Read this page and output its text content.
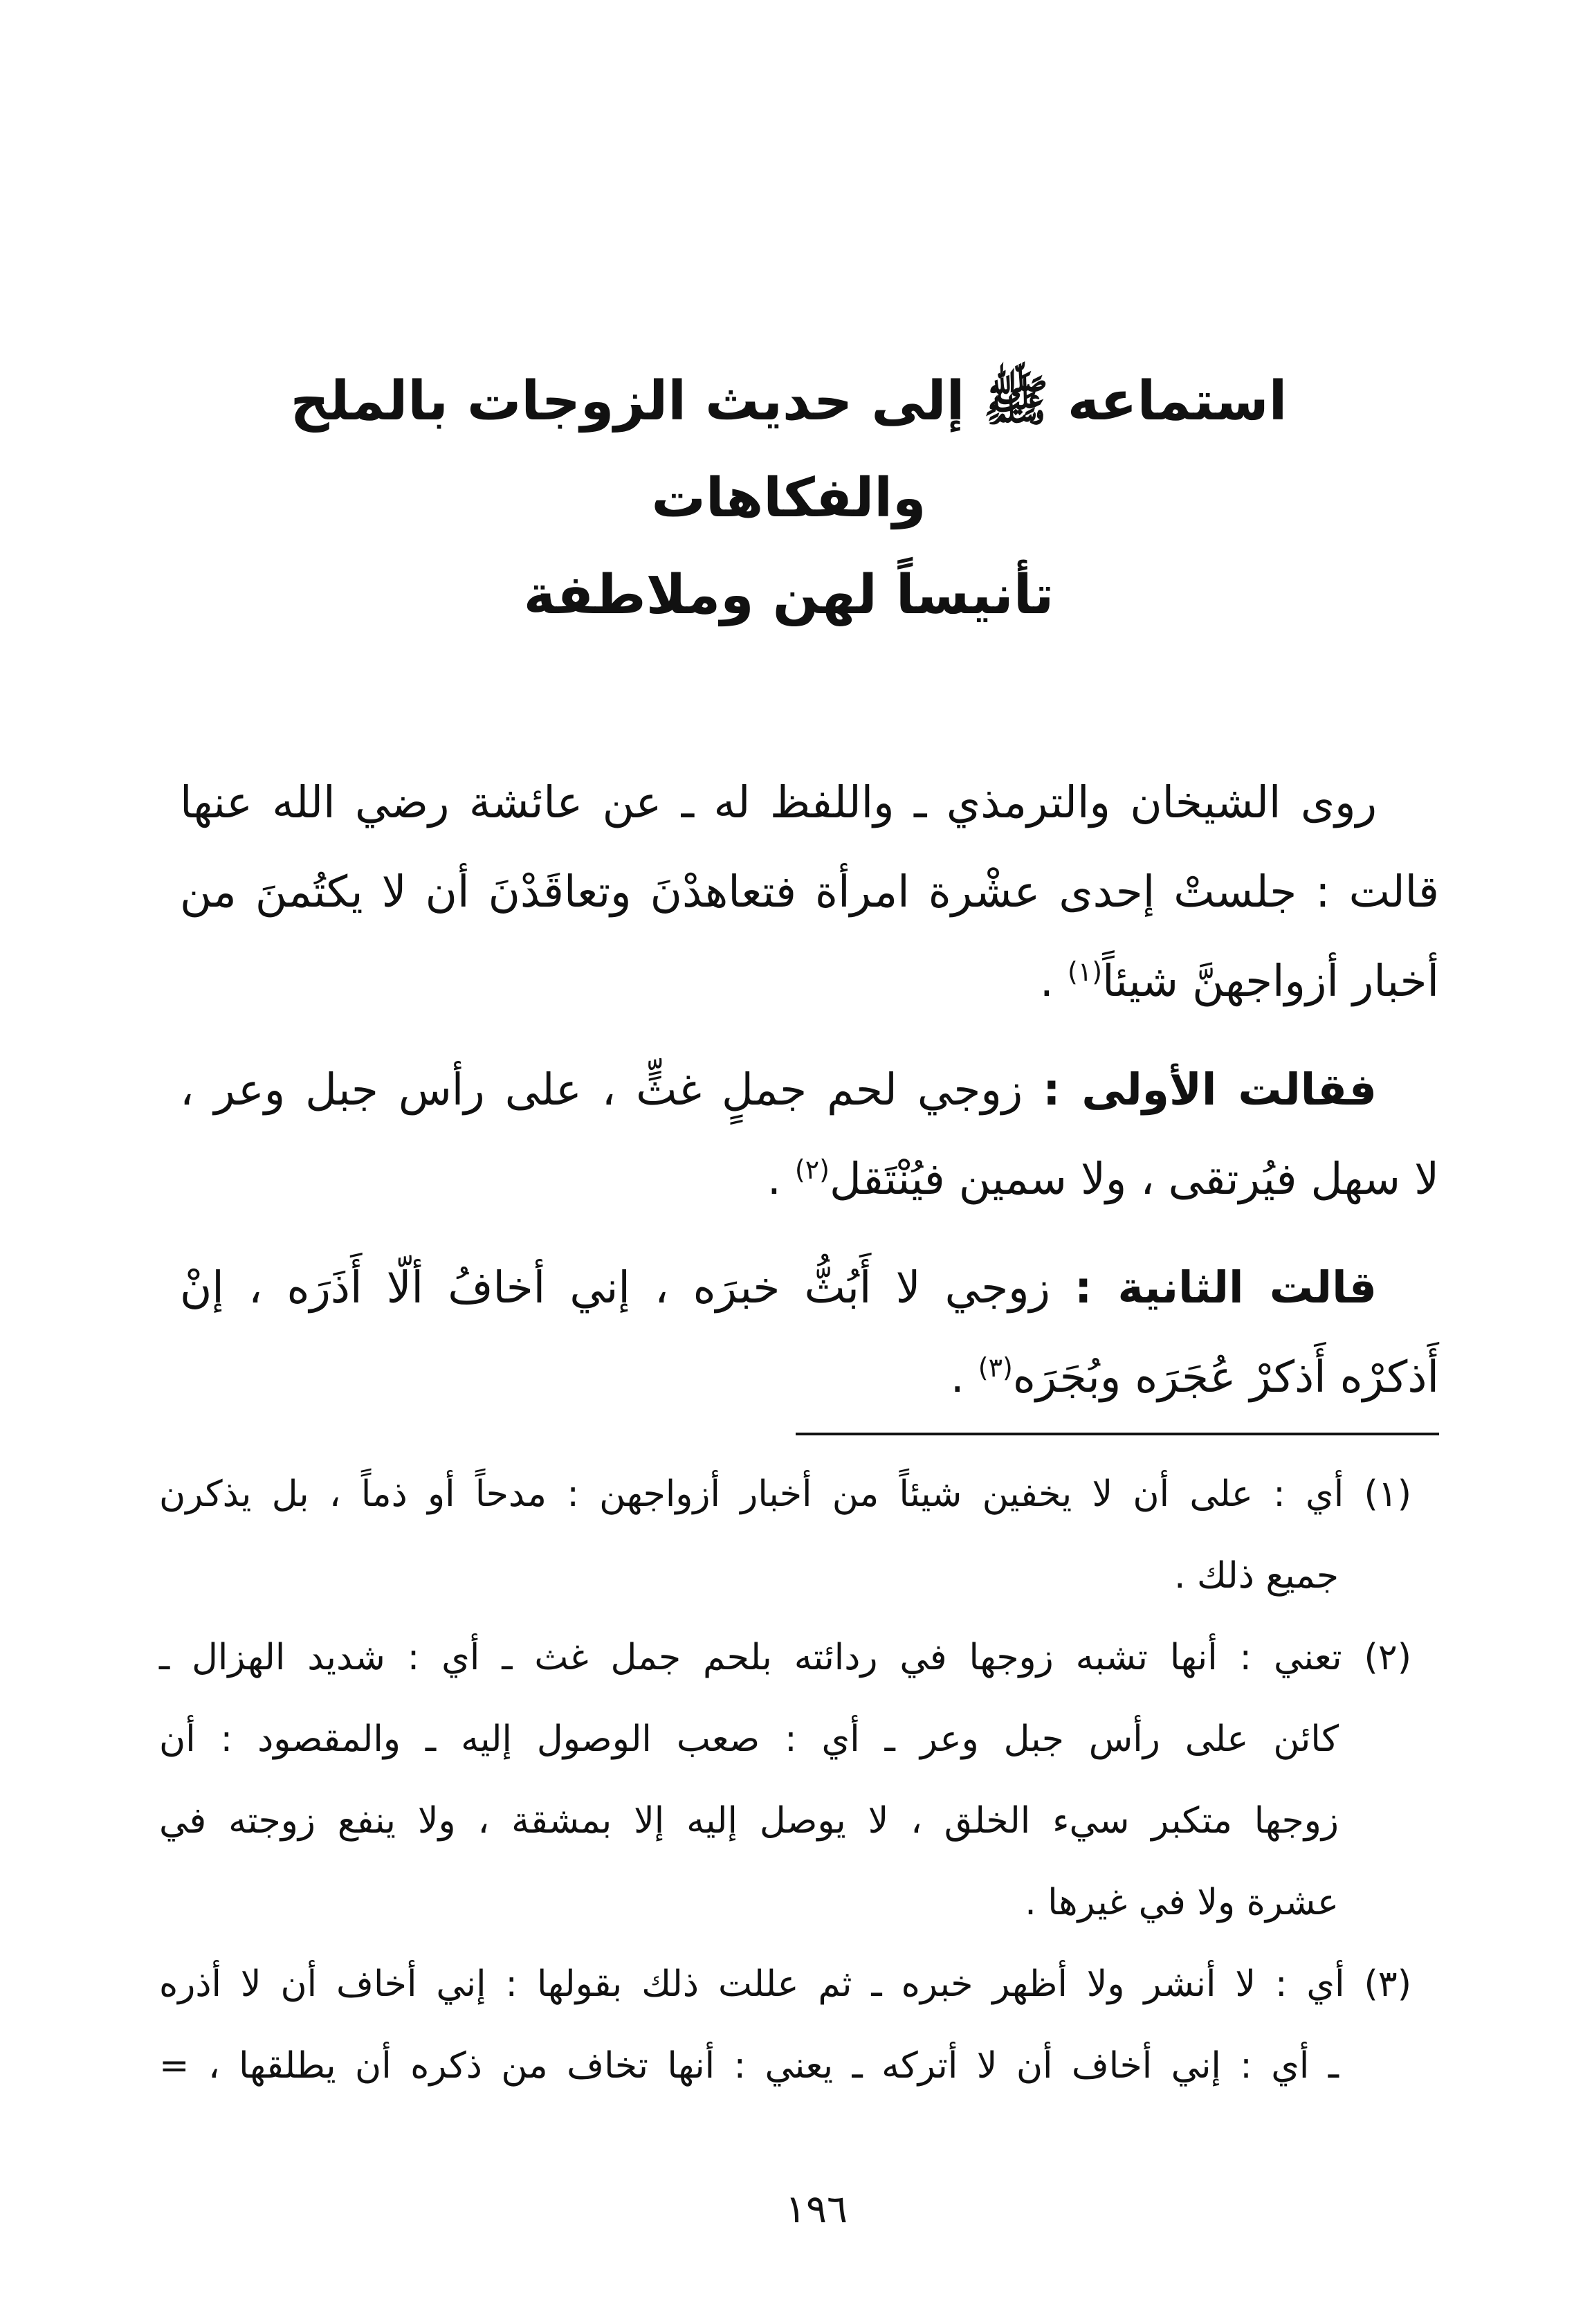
استماعه ﷺ إلى حديث الزوجات بالملح والفكاهات
تأنيساً لهن وملاطفة
روى الشيخان والترمذي ـ واللفظ له ـ عن عائشة رضي الله عنها
قالت : جلستْ إحدى عشْرة امرأة فتعاهدْنَ وتعاقَدْنَ أن لا يكتُمنَ من
أخبار أزواجهنَّ شيئاً$^{(١)}$ .
فقالت الأولى : زوجي لحم جملٍ غثٍّ ، على رأس جبل وعر ،
لا سهل فيُرتقى ، ولا سمين فيُنْتَقل$^{(٢)}$ .
قالت الثانية : زوجي لا أَبُثُّ خبرَه ، إني أخافُ ألّا أَذَرَه ، إنْ
أَذكرْه أَذكرْ عُجَرَه وبُجَرَه$^{(٣)}$ .
(١) أي : على أن لا يخفين شيئاً من أخبار أزواجهن : مدحاً أو ذماً ، بل يذكرن
جميع ذلك .
(٢) تعني : أنها تشبه زوجها في ردائته بلحم جمل غث ـ أي : شديد الهزال ـ
كائن على رأس جبل وعر ـ أي : صعب الوصول إليه ـ والمقصود : أن
زوجها متكبر سيء الخلق ، لا يوصل إليه إلا بمشقة ، ولا ينفع زوجته في
عشرة ولا في غيرها .
(٣) أي : لا أنشر ولا أظهر خبره ـ ثم عللت ذلك بقولها : إني أخاف أن لا أذره
ـ أي : إني أخاف أن لا أتركه ـ يعني : أنها تخاف من ذكره أن يطلقها ، =
١٩٦
